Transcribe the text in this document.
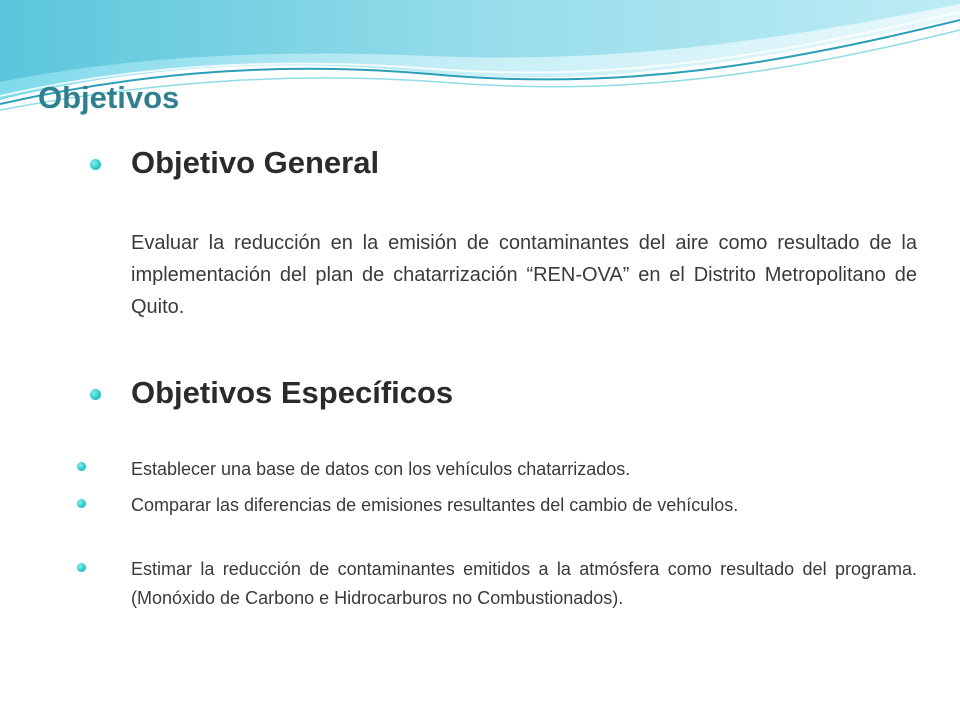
Objetivos
Objetivo General

Evaluar la reducción en la emisión de contaminantes del aire como resultado de la implementación del plan de chatarrización “REN-OVA” en el Distrito Metropolitano de Quito.

Objetivos Específicos

Establecer una base de datos con los vehículos chatarrizados.

Comparar las diferencias de emisiones resultantes del cambio de vehículos.

Estimar la reducción de contaminantes emitidos a la atmósfera como resultado del programa. (Monóxido de Carbono e Hidrocarburos no Combustionados).
